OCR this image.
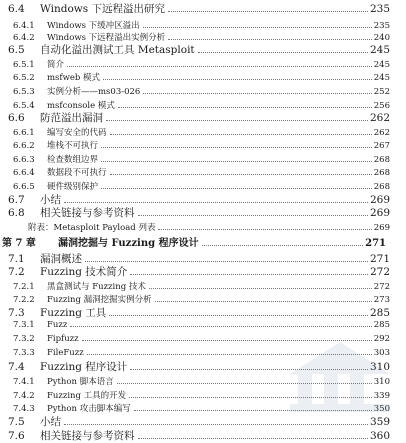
6.4	Windows 下远程溢出研究	235
6.4.1	Windows 下缓冲区溢出	235
6.4.2	Windows 下远程溢出实例分析	240
6.5	自动化溢出测试工具 Metasploit	245
6.5.1	简介	245
6.5.2	msfweb 模式	245
6.5.3	实例分析——ms03-026	252
6.5.4	msfconsole 模式	256
6.6	防范溢出漏洞	262
6.6.1	编写安全的代码	262
6.6.2	堆栈不可执行	267
6.6.3	检查数组边界	268
6.6.4	数据段不可执行	268
6.6.5	硬件级别保护	268
6.7	小结	269
6.8	相关链接与参考资料	269
附表：Metasploit Payload 列表	269
第 7 章	漏洞挖掘与 Fuzzing 程序设计	271
7.1	漏洞概述	271
7.2	Fuzzing 技术简介	272
7.2.1	黑盒测试与 Fuzzing 技术	272
7.2.2	Fuzzing 漏洞挖掘实例分析	273
7.3	Fuzzing 工具	285
7.3.1	Fuzz	285
7.3.2	Fipfuzz	292
7.3.3	FileFuzz	303
7.4	Fuzzing 程序设计	310
7.4.1	Python 脚本语言	310
7.4.2	Fuzzing 工具的开发	339
7.4.3	Python 攻击脚本编写	350
7.5	小结	359
7.6	相关链接与参考资料	360
